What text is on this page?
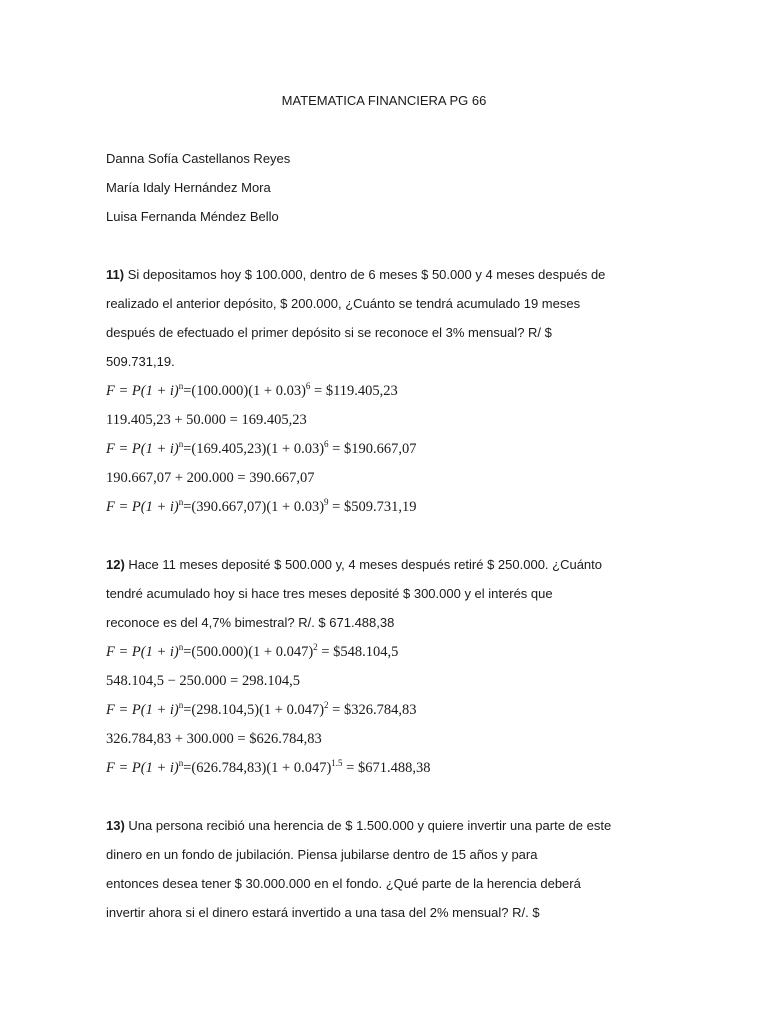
MATEMATICA FINANCIERA PG 66
Danna Sofía Castellanos Reyes
María Idaly Hernández Mora
Luisa Fernanda Méndez Bello
11) Si depositamos hoy $ 100.000, dentro de 6 meses $ 50.000 y 4 meses después de
realizado el anterior depósito, $ 200.000, ¿Cuánto se tendrá acumulado 19 meses
después de efectuado el primer depósito si se reconoce el 3% mensual? R/ $
509.731,19.
$F = P(1 + i)^n=(100.000)(1 + 0.03)^6$ = $119.405,23
119.405,23 + 50.000 = 169.405,23
$F = P(1 + i)^n=(169.405,23)(1 + 0.03)^6$ = $190.667,07
190.667,07 + 200.000 = 390.667,07
$F = P(1 + i)^n=(390.667,07)(1 + 0.03)^9$ = $509.731,19
12) Hace 11 meses deposité $ 500.000 y, 4 meses después retiré $ 250.000. ¿Cuánto
tendré acumulado hoy si hace tres meses deposité $ 300.000 y el interés que
reconoce es del 4,7% bimestral? R/. $ 671.488,38
$F = P(1 + i)^n=(500.000)(1 + 0.047)^2$ = $548.104,5
548.104,5 − 250.000 = 298.104,5
$F = P(1 + i)^n=(298.104,5)(1 + 0.047)^2$ = $326.784,83
326.784,83 + 300.000 = $626.784,83
$F = P(1 + i)^n=(626.784,83)(1 + 0.047)^{1.5}$ = $671.488,38
13) Una persona recibió una herencia de $ 1.500.000 y quiere invertir una parte de este
dinero en un fondo de jubilación. Piensa jubilarse dentro de 15 años y para
entonces desea tener $ 30.000.000 en el fondo. ¿Qué parte de la herencia deberá
invertir ahora si el dinero estará invertido a una tasa del 2% mensual? R/. $
